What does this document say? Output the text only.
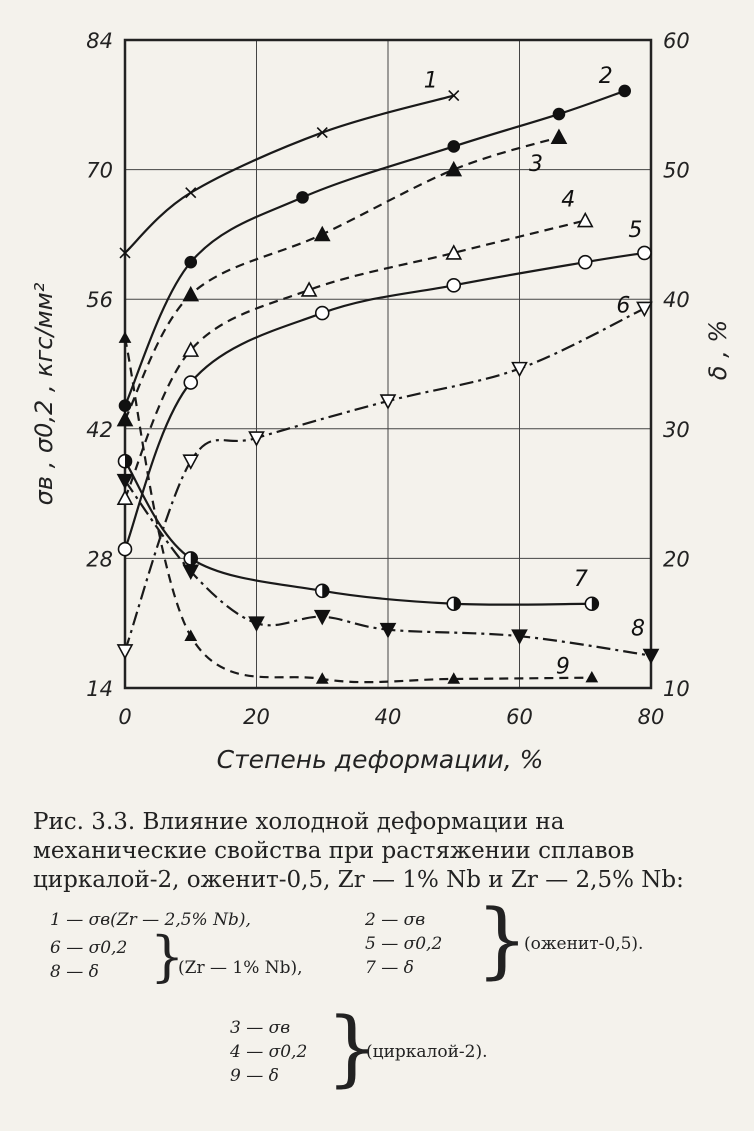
1	2
3
4
5
6
7
8
9
0	20	40	60	80
14
28
42
56
70
84
10
20
30
40
50
60
Степень деформации, %
σв , σ0,2 , кгс/мм²	δ , %
Рис. 3.3. Влияние холодной деформации на механические свойства при растяжении сплавов циркалой-2, оженит-0,5, Zr — 1% Nb и Zr — 2,5% Nb:
1 — σв(Zr — 2,5% Nb),
6 — σ0,2
8 — δ }
(Zr — 1% Nb),
2 — σв
5 — σ0,2
7 — δ }
(оженит-0,5).
3 — σв
4 — σ0,2
9 — δ }
(циркалой-2).
